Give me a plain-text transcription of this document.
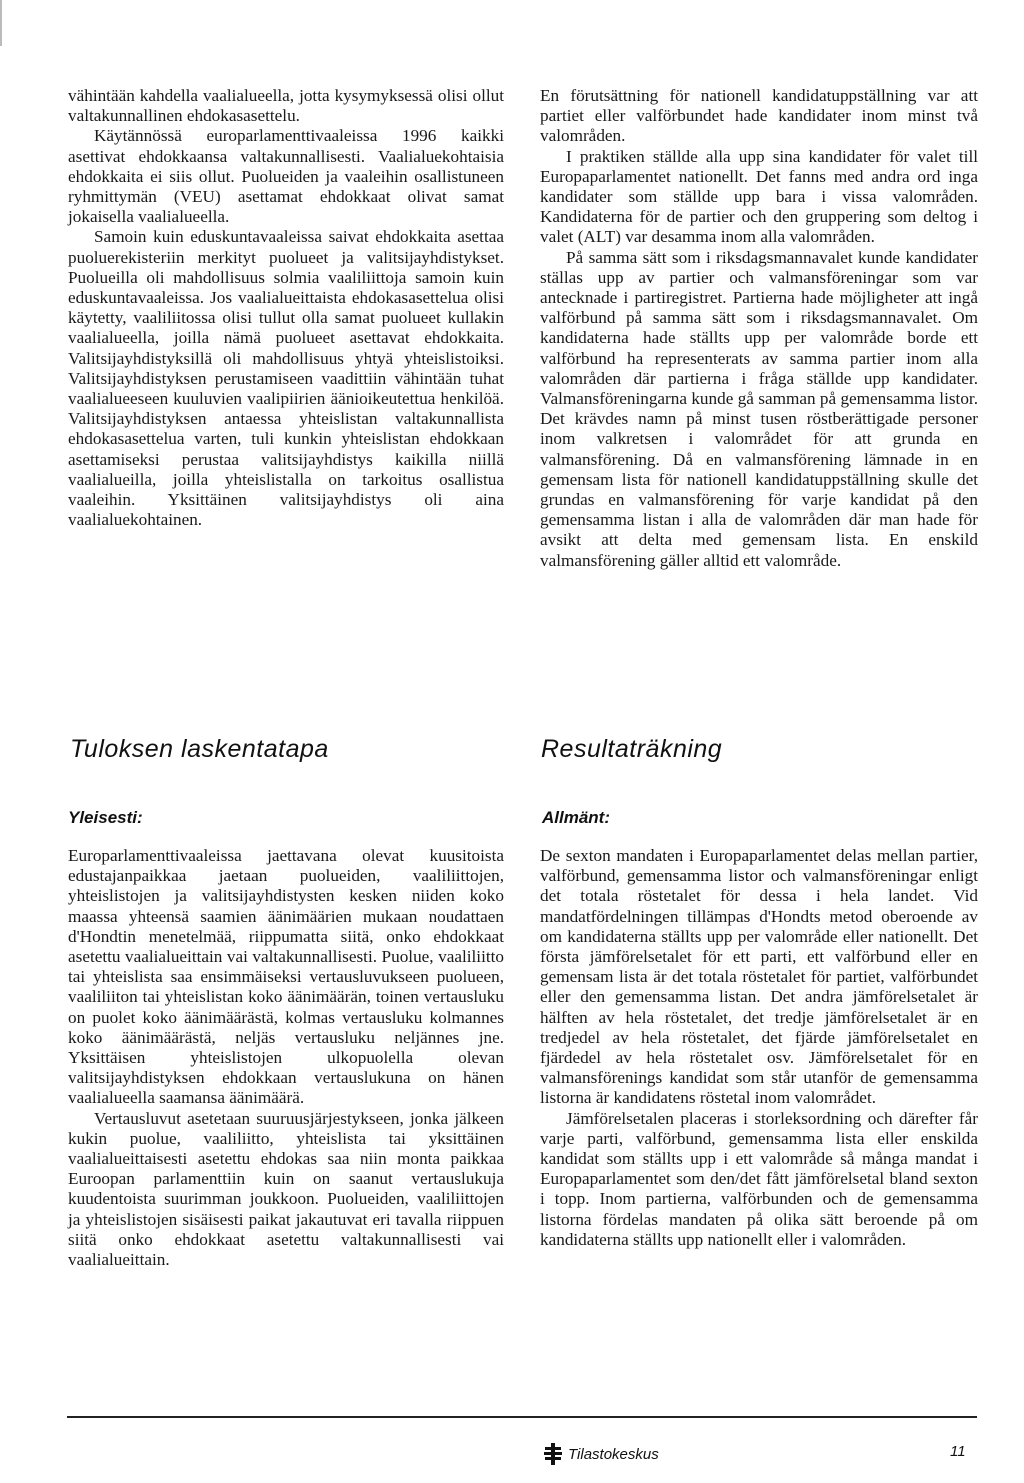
vähintään kahdella vaalialueella, jotta kysymyksessä olisi ollut valtakunnallinen ehdokasasettelu.

Käytännössä europarlamenttivaaleissa 1996 kaikki asettivat ehdokkaansa valtakunnallisesti. Vaalialuekohtaisia ehdokkaita ei siis ollut. Puolueiden ja vaaleihin osallistuneen ryhmittymän (VEU) asettamat ehdokkaat olivat samat jokaisella vaalialueella.

Samoin kuin eduskuntavaaleissa saivat ehdokkaita asettaa puoluerekisteriin merkityt puolueet ja valitsijayhdistykset. Puolueilla oli mahdollisuus solmia vaaliliittoja samoin kuin eduskuntavaaleissa. Jos vaalialueittaista ehdokasasettelua olisi käytetty, vaaliliitossa olisi tullut olla samat puolueet kullakin vaalialueella, joilla nämä puolueet asettavat ehdokkaita. Valitsijayhdistyksillä oli mahdollisuus yhtyä yhteislistoiksi. Valitsijayhdistyksen perustamiseen vaadittiin vähintään tuhat vaalialueeseen kuuluvien vaalipiirien äänioikeutettua henkilöä. Valitsijayhdistyksen antaessa yhteislistan valtakunnallista ehdokasasettelua varten, tuli kunkin yhteislistan ehdokkaan asettamiseksi perustaa valitsijayhdistys kaikilla niillä vaalialueilla, joilla yhteislistalla on tarkoitus osallistua vaaleihin. Yksittäinen valitsijayhdistys oli aina vaalialuekohtainen.

En förutsättning för nationell kandidatuppställning var att partiet eller valförbundet hade kandidater inom minst två valområden.

I praktiken ställde alla upp sina kandidater för valet till Europaparlamentet nationellt. Det fanns med andra ord inga kandidater som ställde upp bara i vissa valområden. Kandidaterna för de partier och den gruppering som deltog i valet (ALT) var desamma inom alla valområden.

På samma sätt som i riksdagsmannavalet kunde kandidater ställas upp av partier och valmansföreningar som var antecknade i partiregistret. Partierna hade möjligheter att ingå valförbund på samma sätt som i riksdagsmannavalet. Om kandidaterna hade ställts upp per valområde borde ett valförbund ha representerats av samma partier inom alla valområden där partierna i fråga ställde upp kandidater. Valmansföreningarna kunde gå samman på gemensamma listor. Det krävdes namn på minst tusen röstberättigade personer inom valkretsen i valområdet för att grunda en valmansförening. Då en valmansförening lämnade in en gemensam lista för nationell kandidatuppställning skulle det grundas en valmansförening för varje kandidat på den gemensamma listan i alla de valområden där man hade för avsikt att delta med gemensam lista. En enskild valmansförening gäller alltid ett valområde.

Tuloksen laskentatapa	Resultaträkning
Yleisesti:	Allmänt:

Europarlamenttivaaleissa jaettavana olevat kuusitoista edustajanpaikkaa jaetaan puolueiden, vaaliliittojen, yhteislistojen ja valitsijayhdistysten kesken niiden koko maassa yhteensä saamien äänimäärien mukaan noudattaen d'Hondtin menetelmää, riippumatta siitä, onko ehdokkaat asetettu vaalialueittain vai valtakunnallisesti. Puolue, vaaliliitto tai yhteislista saa ensimmäiseksi vertausluvukseen puolueen, vaaliliiton tai yhteislistan koko äänimäärän, toinen vertausluku on puolet koko äänimäärästä, kolmas vertausluku kolmannes koko äänimäärästä, neljäs vertausluku neljännes jne. Yksittäisen yhteislistojen ulkopuolella olevan valitsijayhdistyksen ehdokkaan vertauslukuna on hänen vaalialueella saamansa äänimäärä.

Vertausluvut asetetaan suuruusjärjestykseen, jonka jälkeen kukin puolue, vaaliliitto, yhteislista tai yksittäinen vaalialueittaisesti asetettu ehdokas saa niin monta paikkaa Euroopan parlamenttiin kuin on saanut vertauslukuja kuudentoista suurimman joukkoon. Puolueiden, vaaliliittojen ja yhteislistojen sisäisesti paikat jakautuvat eri tavalla riippuen siitä onko ehdokkaat asetettu valtakunnallisesti vai vaalialueittain.

De sexton mandaten i Europaparlamentet delas mellan partier, valförbund, gemensamma listor och valmansföreningar enligt det totala röstetalet för dessa i hela landet. Vid mandatfördelningen tillämpas d'Hondts metod oberoende av om kandidaterna ställts upp per valområde eller nationellt. Det första jämförelsetalet för ett parti, ett valförbund eller en gemensam lista är det totala röstetalet för partiet, valförbundet eller den gemensamma listan. Det andra jämförelsetalet är hälften av hela röstetalet, det tredje jämförelsetalet är en tredjedel av hela röstetalet, det fjärde jämförelsetalet en fjärdedel av hela röstetalet osv. Jämförelsetalet för en valmansförenings kandidat som står utanför de gemensamma listorna är kandidatens röstetal inom valområdet.

Jämförelsetalen placeras i storleksordning och därefter får varje parti, valförbund, gemensamma lista eller enskilda kandidat som ställts upp i ett valområde så många mandat i Europaparlamentet som den/det fått jämförelsetal bland sexton i topp. Inom partierna, valförbunden och de gemensamma listorna fördelas mandaten på olika sätt beroende på om kandidaterna ställts upp nationellt eller i valområden.

Tilastokeskus	11
